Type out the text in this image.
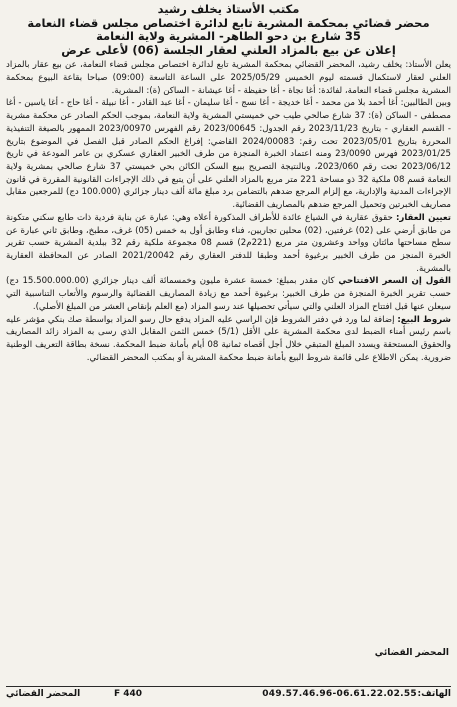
مكتب الأستاذ يخلف رشيد
محضر قضائي بمحكمة المشرية تابع لدائرة اختصاص مجلس قضاء النعامة
35 شارع بن دحو الطاهر- المشرية ولاية النعامة
إعلان عن بيع بالمزاد العلني لعقار الجلسة (06) لأعلى عرض

يعلن الأستاذ: يخلف رشيد، المحضر القضائي بمحكمة المشرية تابع لدائرة اختصاص مجلس قضاء النعامة، عن بيع عقار بالمزاد العلني لعقار لاستكمال قسمته ليوم الخميس 2025/05/29 على الساعة التاسعة (09:00) صباحا بقاعة البيوع بمحكمة المشرية مجلس قضاء النعامة، لفائدة: أغا نجاة - أغا حفيظة - أغا عيشانة - الساكن (ة): المشرية.

وبين الطالبين: أغا أحمد بلا من محمد - أغا خديجة - أغا نسج - أغا سليمان - أغا عبد القادر - أغا نبيلة - أغا حاج - أغا ياسين - أغا مصطفى - الساكن (ة): 37 شارع صالحي طيب حي خميستي المشرية ولاية النعامة، بموجب الحكم الصادر عن محكمة مشرية - القسم العقاري - بتاريخ 2023/11/23 رقم الجدول: 2023/00645 رقم الفهرس 2023/00970 الممهور بالصيغة التنفيذية المحررة بتاريخ 2023/05/01 تحت رقم: 2024/00083 القاضي: إفراغ الحكم الصادر قبل الفصل في الموضوع بتاريخ 2023/01/25 فهرس 23/0090 ومنه اعتماد الخبرة المنجزة من طرف الخبير العقاري عسكري بن عامر المودعة في تاريخ 2023/06/12 تحت رقم 2023/060، وبالنتيجة التصريح ببيع السكن الكائن بحي خميستي 37 شارع صالحي بمشرية ولاية النعامة قسم 08 ملكية 32 ذو مساحة 221 متر مربع بالمزاد العلني على أن يتبع في ذلك الإجراءات القانونية المقررة في قانون الإجراءات المدنية والإدارية، مع إلزام المرجع ضدهم بالتضامن برد مبلغ مائة ألف دينار جزائري (100.000 دج) للمرجعين مقابل مصاريف الخبرتين وتحميل المرجع ضدهم بالمصاريف القضائية.

تعيين العقار: حقوق عقارية في الشياع عائدة للأطراف المذكورة أعلاه وهي: عبارة عن بناية فردية ذات طابع سكني متكونة من طابق أرضي على (02) غرفتين، (02) محلين تجاريين، فناء وطابق أول به خمس (05) غرف، مطبخ، وطابق ثاني عبارة عن سطح مساحتها مائتان وواحد وعشرون متر مربع (221م2) قسم 08 مجموعة ملكية رقم 32 ببلدية المشرية حسب تقرير الخبرة المنجز من طرف الخبير برغيوة أحمد وطبقا للدفتر العقاري رقم 2021/20042 الصادر عن المحافظة العقارية بالمشرية.

القول إن السعر الافتتاحي كان مقدر بمبلغ: خمسة عشرة مليون وخمسمائة ألف دينار جزائري (15.500.000.00 دج) حسب تقرير الخبرة المنجزة من طرف الخبير: برغيوة أحمد مع زيادة المصاريف القضائية والرسوم والأتعاب التناسبية التي سيعلن عنها قبل افتتاح المزاد العلني والتي سيأتي تحصيلها عند رسو المزاد (مع العلم بإنقاص العشر من المبلغ الأصلي).

شروط البيع: إضافة لما ورد في دفتر الشروط فإن الراسي عليه المزاد يدفع حال رسو المزاد بواسطة صك بنكي مؤشر عليه باسم رئيس أمناء الضبط لدى محكمة المشرية على الأقل (5/1) خمس الثمن المقابل الذي رسى به المزاد زائد المصاريف والحقوق المستحقة ويسدد المبلغ المتبقي خلال أجل أقصاه ثمانية 08 أيام بأمانة ضبط المحكمة. نسخة بطاقة التعريف الوطنية ضرورية. يمكن الاطلاع على قائمة شروط البيع بأمانة ضبط محكمة المشرية أو بمكتب المحضر القضائي.

المحضر القضائي
الهاتف:
049.57.46.96-06.61.22.02.55
F 440
المحضر القضائي
